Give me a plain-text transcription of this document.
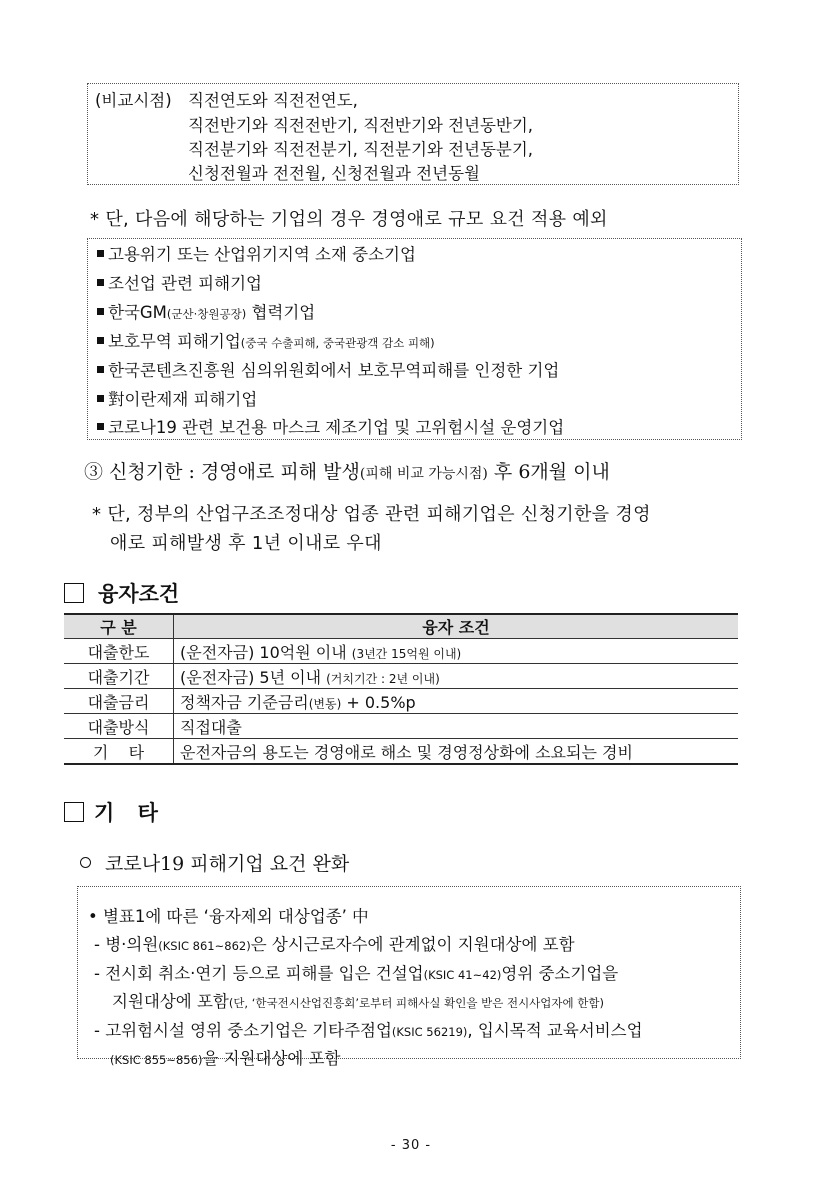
(비교시점) 직전연도와 직전전연도,
직전반기와 직전전반기, 직전반기와 전년동반기,
직전분기와 직전전분기, 직전분기와 전년동분기,
신청전월과 전전월, 신청전월과 전년동월
* 단, 다음에 해당하는 기업의 경우 경영애로 규모 요건 적용 예외
고용위기 또는 산업위기지역 소재 중소기업
조선업 관련 피해기업
한국GM(군산·창원공장) 협력기업
보호무역 피해기업(중국 수출피해, 중국관광객 감소 피해)
한국콘텐츠진흥원 심의위원회에서 보호무역피해를 인정한 기업
對이란제재 피해기업
코로나19 관련 보건용 마스크 제조기업 및 고위험시설 운영기업
③ 신청기한 : 경영애로 피해 발생(피해 비교 가능시점) 후 6개월 이내
* 단, 정부의 산업구조조정대상 업종 관련 피해기업은 신청기한을 경영
애로 피해발생 후 1년 이내로 우대
융자조건
구 분	융자 조건
대출한도	(운전자금) 10억원 이내 (3년간 15억원 이내)
대출기간	(운전자금) 5년 이내 (거치기간 : 2년 이내)
대출금리	정책자금 기준금리(변동) + 0.5%p
대출방식	직접대출
기    타	운전자금의 용도는 경영애로 해소 및 경영정상화에 소요되는 경비
기 타
코로나19 피해기업 요건 완화
• 별표1에 따른 ‘융자제외 대상업종’ 中
- 병·의원(KSIC 861~862)은 상시근로자수에 관계없이 지원대상에 포함
- 전시회 취소·연기 등으로 피해를 입은 건설업(KSIC 41~42)영위 중소기업을
지원대상에 포함(단, ‘한국전시산업진흥회’로부터 피해사실 확인을 받은 전시사업자에 한함)
- 고위험시설 영위 중소기업은 기타주점업(KSIC 56219), 입시목적 교육서비스업
(KSIC 855~856)을 지원대상에 포함
- 30 -
